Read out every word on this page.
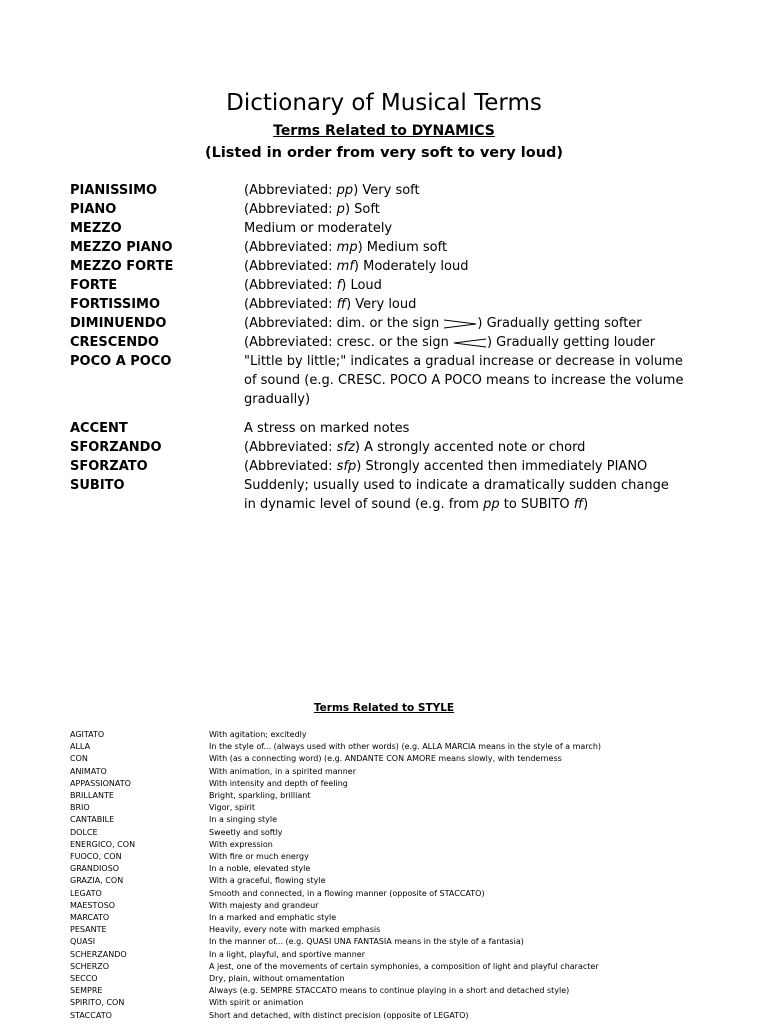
Dictionary of Musical Terms
Terms Related to DYNAMICS
(Listed in order from very soft to very loud)
PIANISSIMO	(Abbreviated: pp) Very soft
PIANO	(Abbreviated: p) Soft
MEZZO	Medium or moderately
MEZZO PIANO	(Abbreviated: mp) Medium soft
MEZZO FORTE	(Abbreviated: mf) Moderately loud
FORTE	(Abbreviated: f) Loud
FORTISSIMO	(Abbreviated: ff) Very loud
DIMINUENDO	(Abbreviated: dim. or the sign	) Gradually getting softer
CRESCENDO	(Abbreviated: cresc. or the sign	) Gradually getting louder
POCO A POCO	"Little by little;" indicates a gradual increase or decrease in volume of sound (e.g. CRESC. POCO A POCO means to increase the volume gradually)
ACCENT	A stress on marked notes
SFORZANDO	(Abbreviated: sfz) A strongly accented note or chord
SFORZATO	(Abbreviated: sfp) Strongly accented then immediately PIANO
SUBITO	Suddenly; usually used to indicate a dramatically sudden change in dynamic level of sound (e.g. from pp to SUBITO ff)
Terms Related to STYLE
AGITATO	With agitation; excitedly
ALLA	In the style of... (always used with other words) (e.g. ALLA MARCIA means in the style of a march)
CON	With (as a connecting word) (e.g. ANDANTE CON AMORE means slowly, with tenderness
ANIMATO	With animation, in a spirited manner
APPASSIONATO	With intensity and depth of feeling
BRILLANTE	Bright, sparkling, brilliant
BRIO	Vigor, spirit
CANTABILE	In a singing style
DOLCE	Sweetly and softly
ENERGICO, CON	With expression
FUOCO, CON	With fire or much energy
GRANDIOSO	In a noble, elevated style
GRAZIA, CON	With a graceful, flowing style
LEGATO	Smooth and connected, in a flowing manner (opposite of STACCATO)
MAESTOSO	With majesty and grandeur
MARCATO	In a marked and emphatic style
PESANTE	Heavily, every note with marked emphasis
QUASI	In the manner of... (e.g. QUASI UNA FANTASIA means in the style of a fantasia)
SCHERZANDO	In a light, playful, and sportive manner
SCHERZO	A jest, one of the movements of certain symphonies, a composition of light and playful character
SECCO	Dry, plain, without ornamentation
SEMPRE	Always (e.g. SEMPRE STACCATO means to continue playing in a short and detached style)
SPIRITO, CON	With spirit or animation
STACCATO	Short and detached, with distinct precision (opposite of LEGATO)
